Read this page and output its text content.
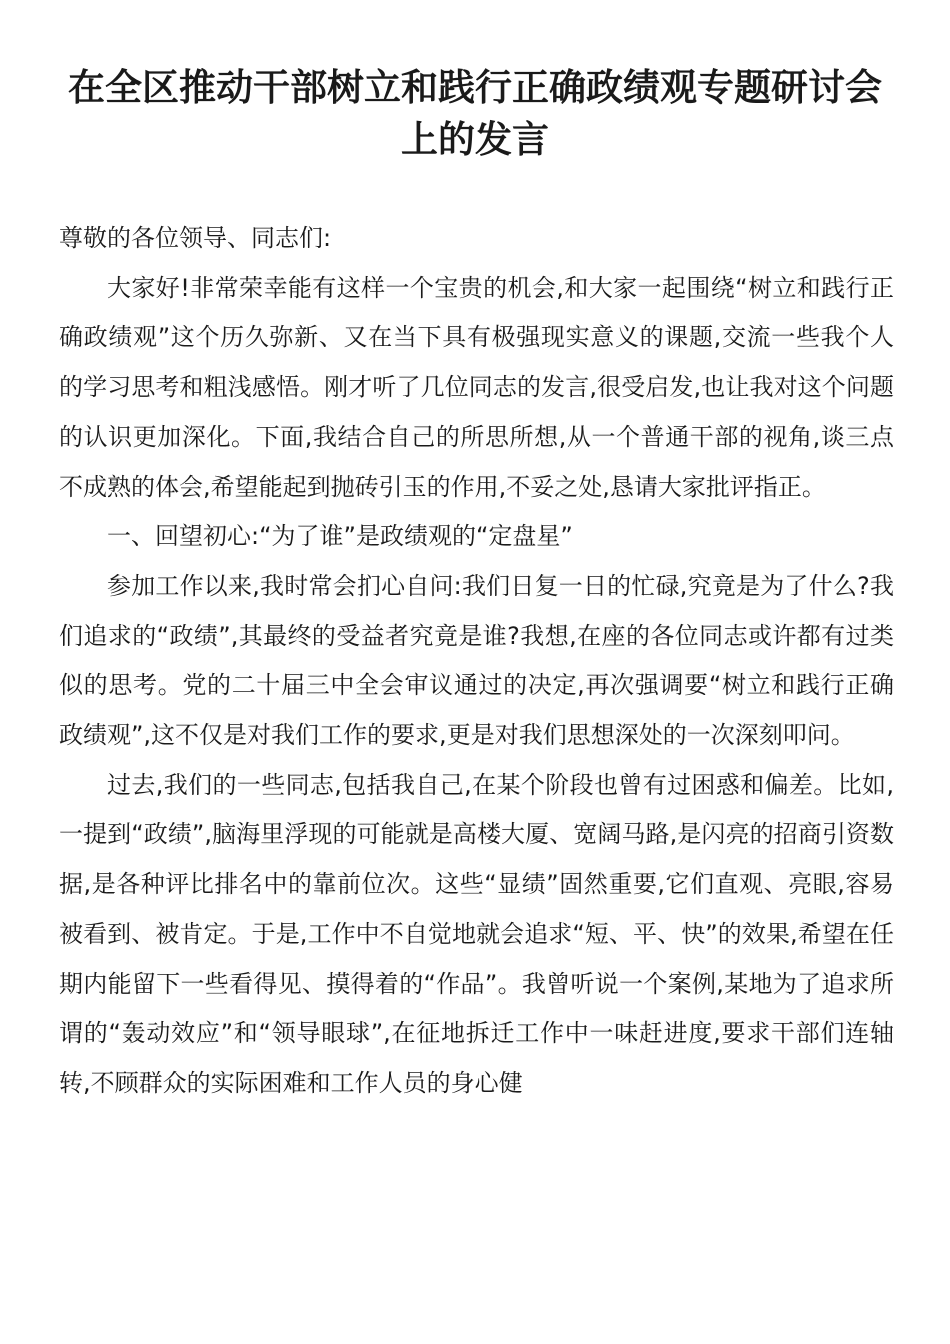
在全区推动干部树立和践行正确政绩观专题研讨会上的发言

尊敬的各位领导、同志们:

大家好!非常荣幸能有这样一个宝贵的机会,和大家一起围绕“树立和践行正确政绩观”这个历久弥新、又在当下具有极强现实意义的课题,交流一些我个人的学习思考和粗浅感悟。刚才听了几位同志的发言,很受启发,也让我对这个问题的认识更加深化。下面,我结合自己的所思所想,从一个普通干部的视角,谈三点不成熟的体会,希望能起到抛砖引玉的作用,不妥之处,恳请大家批评指正。

一、回望初心:“为了谁”是政绩观的“定盘星”

参加工作以来,我时常会扪心自问:我们日复一日的忙碌,究竟是为了什么?我们追求的“政绩”,其最终的受益者究竟是谁?我想,在座的各位同志或许都有过类似的思考。党的二十届三中全会审议通过的决定,再次强调要“树立和践行正确政绩观”,这不仅是对我们工作的要求,更是对我们思想深处的一次深刻叩问。

过去,我们的一些同志,包括我自己,在某个阶段也曾有过困惑和偏差。比如,一提到“政绩”,脑海里浮现的可能就是高楼大厦、宽阔马路,是闪亮的招商引资数据,是各种评比排名中的靠前位次。这些“显绩”固然重要,它们直观、亮眼,容易被看到、被肯定。于是,工作中不自觉地就会追求“短、平、快”的效果,希望在任期内能留下一些看得见、摸得着的“作品”。我曾听说一个案例,某地为了追求所谓的“轰动效应”和“领导眼球”,在征地拆迁工作中一味赶进度,要求干部们连轴转,不顾群众的实际困难和工作人员的身心健
